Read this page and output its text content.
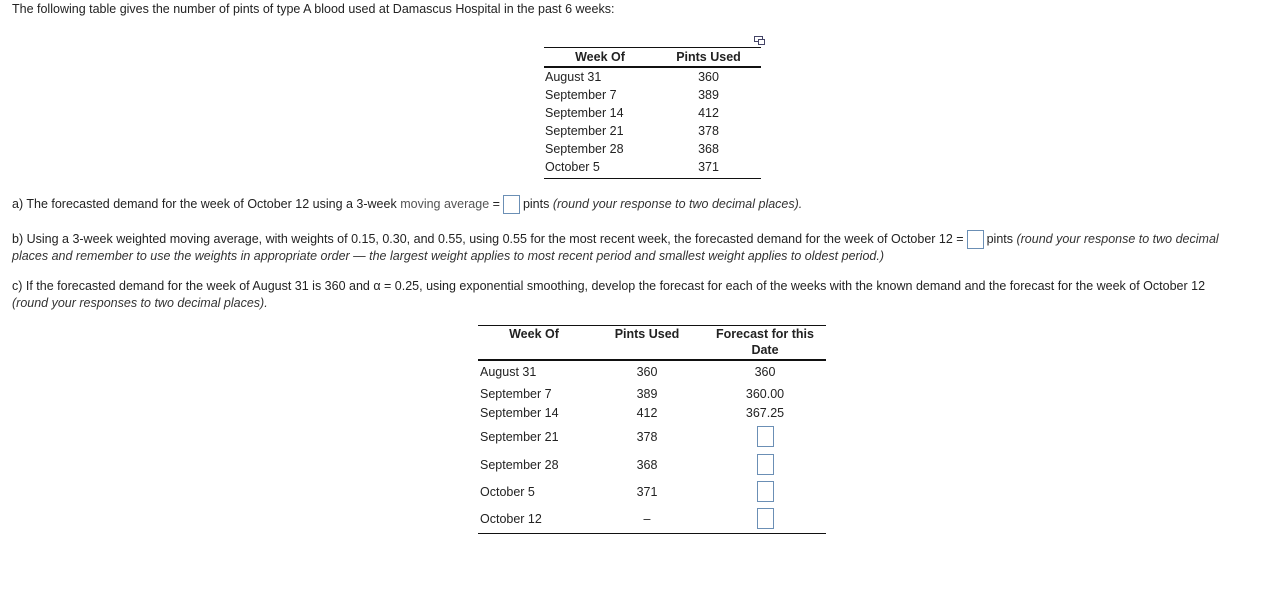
The following table gives the number of pints of type A blood used at Damascus Hospital in the past 6 weeks:
Week Of	Pints Used
August 31	360
September 7	389
September 14	412
September 21	378
September 28	368
October 5	371
a) The forecasted demand for the week of October 12 using a 3-week moving average = pints (round your response to two decimal places).
b) Using a 3-week weighted moving average, with weights of 0.15, 0.30, and 0.55, using 0.55 for the most recent week, the forecasted demand for the week of October 12 = pints (round your response to two decimal
places and remember to use the weights in appropriate order — the largest weight applies to most recent period and smallest weight applies to oldest period.)
c) If the forecasted demand for the week of August 31 is 360 and α = 0.25, using exponential smoothing, develop the forecast for each of the weeks with the known demand and the forecast for the week of October 12
(round your responses to two decimal places).
Week Of	Pints Used	Forecast for this
Date
August 31	360	360
September 7	389	360.00
September 14	412	367.25
September 21	378
September 28	368
October 5	371
October 12	–
